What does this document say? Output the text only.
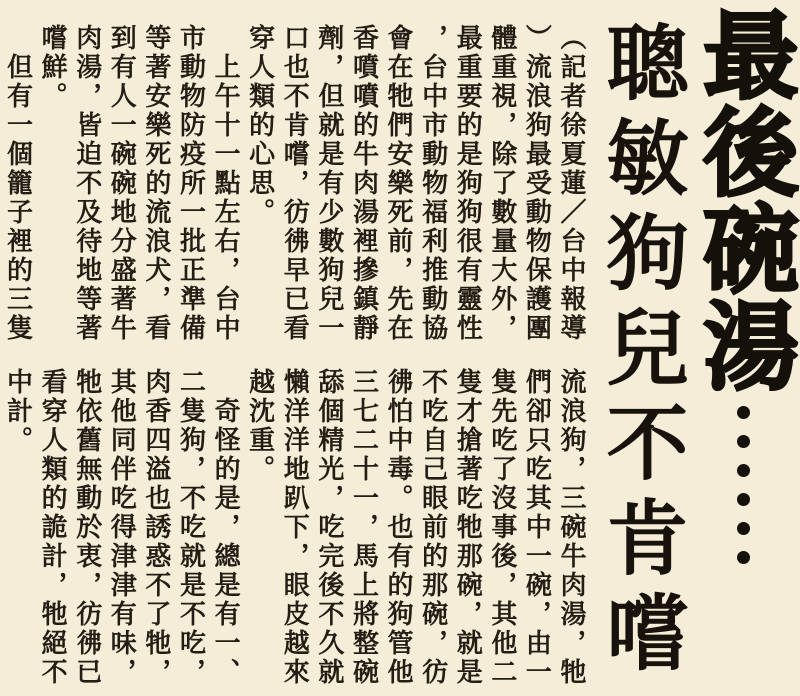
最後碗湯
聰敏狗兒不肯嚐
（記者徐夏蓮／台中報導
）流浪狗最受動物保護團
體重視，除了數量大外，
最重要的是狗狗很有靈性
，台中市動物福利推動協
會在牠們安樂死前，先在
香噴噴的牛肉湯裡摻鎮靜
劑，但就是有少數狗兒一
口也不肯嚐，彷彿早已看
穿人類的心思。
　上午十一點左右，台中
市動物防疫所一批正準備
等著安樂死的流浪犬，看
到有人一碗碗地分盛著牛
肉湯，皆迫不及待地等著
嚐鮮。
　但有一個籠子裡的三隻
流浪狗，三碗牛肉湯，牠
們卻只吃其中一碗，由一
隻先吃了沒事後，其他二
隻才搶著吃牠那碗，就是
不吃自己眼前的那碗，彷
彿怕中毒。也有的狗管他
三七二十一，馬上將整碗
舔個精光，吃完後不久就
懶洋洋地趴下，眼皮越來
越沈重。
　奇怪的是，總是有一、
二隻狗，不吃就是不吃，
肉香四溢也誘惑不了牠，
其他同伴吃得津津有味，
牠依舊無動於衷，彷彿已
看穿人類的詭計，牠絕不
中計。
